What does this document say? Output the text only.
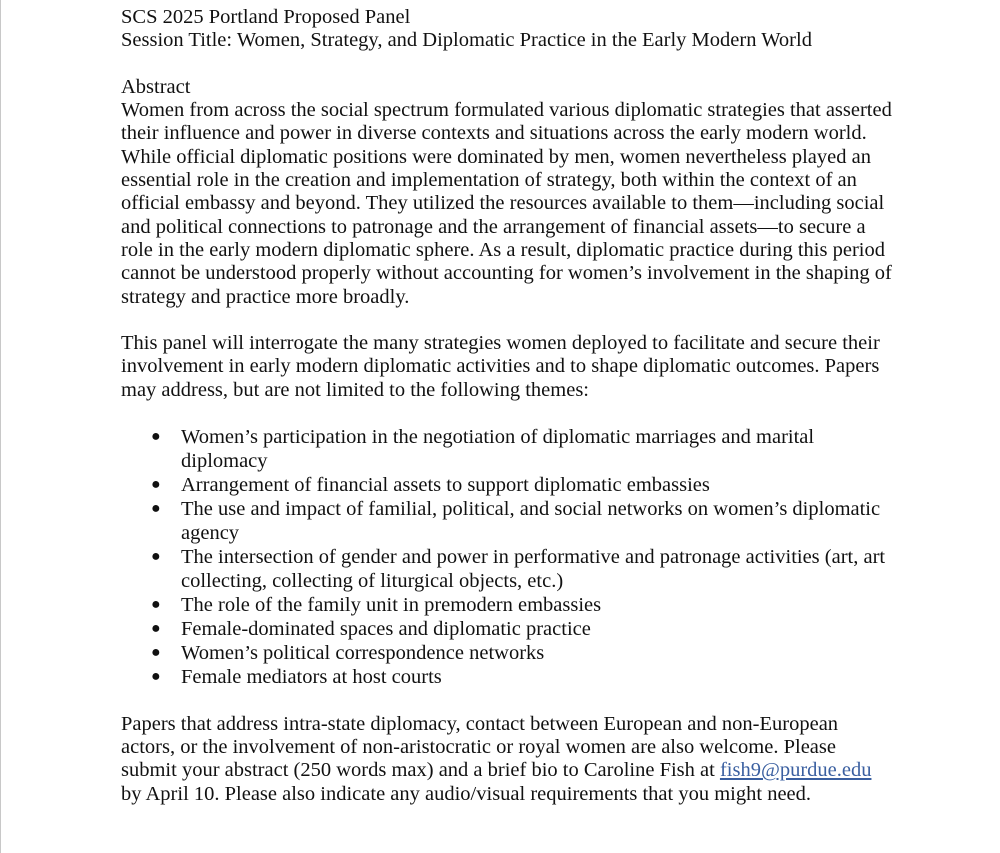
SCS 2025 Portland Proposed Panel

Session Title: Women, Strategy, and Diplomatic Practice in the Early Modern World

Abstract

Women from across the social spectrum formulated various diplomatic strategies that asserted their influence and power in diverse contexts and situations across the early modern world. While official diplomatic positions were dominated by men, women nevertheless played an essential role in the creation and implementation of strategy, both within the context of an official embassy and beyond. They utilized the resources available to them—including social and political connections to patronage and the arrangement of financial assets—to secure a role in the early modern diplomatic sphere. As a result, diplomatic practice during this period cannot be understood properly without accounting for women’s involvement in the shaping of strategy and practice more broadly.

This panel will interrogate the many strategies women deployed to facilitate and secure their involvement in early modern diplomatic activities and to shape diplomatic outcomes. Papers may address, but are not limited to the following themes:

● Women’s participation in the negotiation of diplomatic marriages and marital diplomacy
● Arrangement of financial assets to support diplomatic embassies
● The use and impact of familial, political, and social networks on women’s diplomatic agency
● The intersection of gender and power in performative and patronage activities (art, art collecting, collecting of liturgical objects, etc.)
● The role of the family unit in premodern embassies
● Female-dominated spaces and diplomatic practice
● Women’s political correspondence networks
● Female mediators at host courts

Papers that address intra-state diplomacy, contact between European and non-European actors, or the involvement of non-aristocratic or royal women are also welcome. Please submit your abstract (250 words max) and a brief bio to Caroline Fish at fish9@purdue.edu by April 10. Please also indicate any audio/visual requirements that you might need.
